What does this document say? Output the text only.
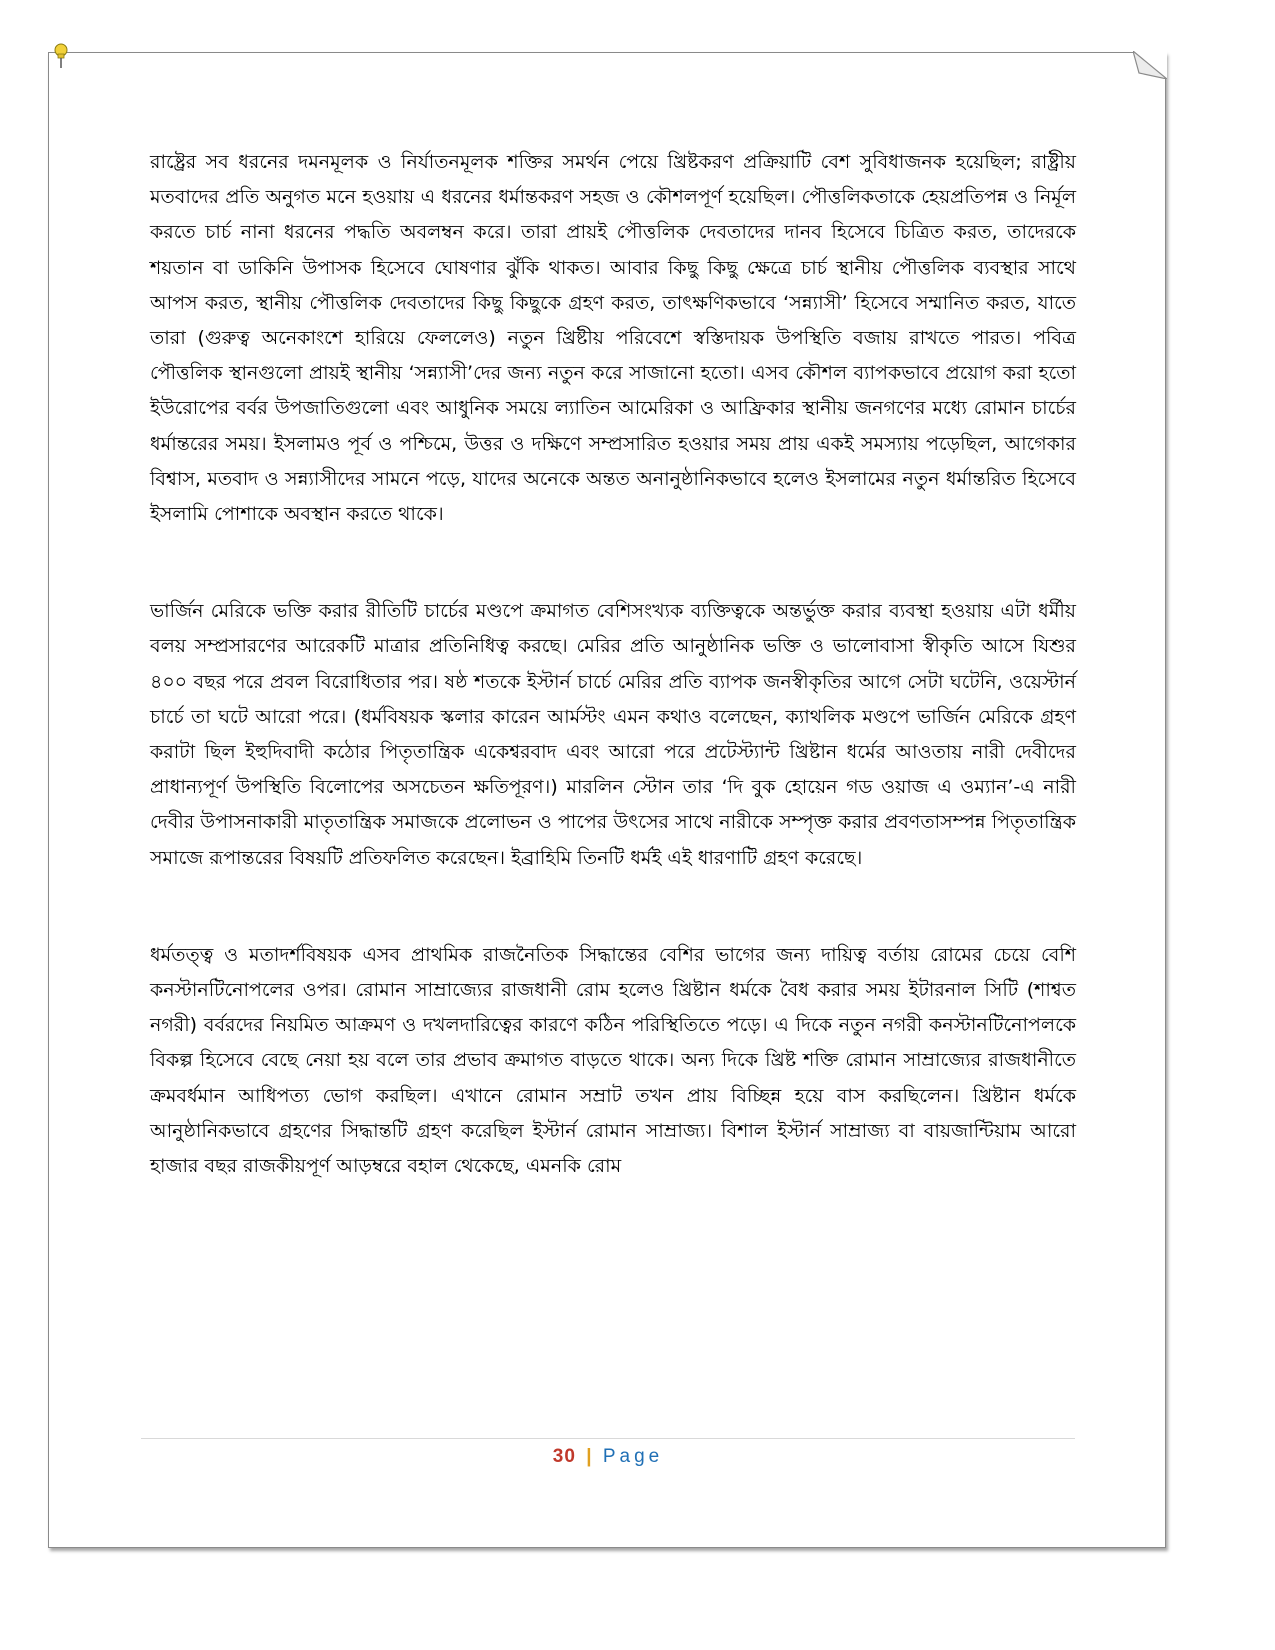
রাষ্ট্রের সব ধরনের দমনমূলক ও নির্যাতনমূলক শক্তির সমর্থন পেয়ে খ্রিষ্টকরণ প্রক্রিয়াটি বেশ সুবিধাজনক হয়েছিল; রাষ্ট্রীয় মতবাদের প্রতি অনুগত মনে হওয়ায় এ ধরনের ধর্মান্তকরণ সহজ ও কৌশলপূর্ণ হয়েছিল। পৌত্তলিকতাকে হেয়প্রতিপন্ন ও নির্মূল করতে চার্চ নানা ধরনের পদ্ধতি অবলম্বন করে। তারা প্রায়ই পৌত্তলিক দেবতাদের দানব হিসেবে চিত্রিত করত, তাদেরকে শয়তান বা ডাকিনি উপাসক হিসেবে ঘোষণার ঝুঁকি থাকত। আবার কিছু কিছু ক্ষেত্রে চার্চ স্থানীয় পৌত্তলিক ব্যবস্থার সাথে আপস করত, স্থানীয় পৌত্তলিক দেবতাদের কিছু কিছুকে গ্রহণ করত, তাৎক্ষণিকভাবে ‘সন্ন্যাসী’ হিসেবে সম্মানিত করত, যাতে তারা (গুরুত্ব অনেকাংশে হারিয়ে ফেললেও) নতুন খ্রিষ্টীয় পরিবেশে স্বস্তিদায়ক উপস্থিতি বজায় রাখতে পারত। পবিত্র পৌত্তলিক স্থানগুলো প্রায়ই স্থানীয় ‘সন্ন্যাসী’দের জন্য নতুন করে সাজানো হতো। এসব কৌশল ব্যাপকভাবে প্রয়োগ করা হতো ইউরোপের বর্বর উপজাতিগুলো এবং আধুনিক সময়ে ল্যাতিন আমেরিকা ও আফ্রিকার স্থানীয় জনগণের মধ্যে রোমান চার্চের ধর্মান্তরের সময়। ইসলামও পূর্ব ও পশ্চিমে, উত্তর ও দক্ষিণে সম্প্রসারিত হওয়ার সময় প্রায় একই সমস্যায় পড়েছিল, আগেকার বিশ্বাস, মতবাদ ও সন্ন্যাসীদের সামনে পড়ে, যাদের অনেকে অন্তত অনানুষ্ঠানিকভাবে হলেও ইসলামের নতুন ধর্মান্তরিত হিসেবে ইসলামি পোশাকে অবস্থান করতে থাকে।

ভার্জিন মেরিকে ভক্তি করার রীতিটি চার্চের মণ্ডপে ক্রমাগত বেশিসংখ্যক ব্যক্তিত্বকে অন্তর্ভুক্ত করার ব্যবস্থা হওয়ায় এটা ধর্মীয় বলয় সম্প্রসারণের আরেকটি মাত্রার প্রতিনিধিত্ব করছে। মেরির প্রতি আনুষ্ঠানিক ভক্তি ও ভালোবাসা স্বীকৃতি আসে যিশুর ৪০০ বছর পরে প্রবল বিরোধিতার পর। ষষ্ঠ শতকে ইস্টার্ন চার্চে মেরির প্রতি ব্যাপক জনস্বীকৃতির আগে সেটা ঘটেনি, ওয়েস্টার্ন চার্চে তা ঘটে আরো পরে। (ধর্মবিষয়ক স্কলার কারেন আর্মস্টং এমন কথাও বলেছেন, ক্যাথলিক মণ্ডপে ভার্জিন মেরিকে গ্রহণ করাটা ছিল ইহুদিবাদী কঠোর পিতৃতান্ত্রিক একেশ্বরবাদ এবং আরো পরে প্রটেস্ট্যান্ট খ্রিষ্টান ধর্মের আওতায় নারী দেবীদের প্রাধান্যপূর্ণ উপস্থিতি বিলোপের অসচেতন ক্ষতিপূরণ।) মারলিন স্টোন তার ‘দি বুক হোয়েন গড ওয়াজ এ ওম্যান’-এ নারী দেবীর উপাসনাকারী মাতৃতান্ত্রিক সমাজকে প্রলোভন ও পাপের উৎসের সাথে নারীকে সম্পৃক্ত করার প্রবণতাসম্পন্ন পিতৃতান্ত্রিক সমাজে রূপান্তরের বিষয়টি প্রতিফলিত করেছেন। ইব্রাহিমি তিনটি ধর্মই এই ধারণাটি গ্রহণ করেছে।

ধর্মতত্ত্ব ও মতাদর্শবিষয়ক এসব প্রাথমিক রাজনৈতিক সিদ্ধান্তের বেশির ভাগের জন্য দায়িত্ব বর্তায় রোমের চেয়ে বেশি কনস্টানটিনোপলের ওপর। রোমান সাম্রাজ্যের রাজধানী রোম হলেও খ্রিষ্টান ধর্মকে বৈধ করার সময় ইটারনাল সিটি (শাশ্বত নগরী) বর্বরদের নিয়মিত আক্রমণ ও দখলদারিত্বের কারণে কঠিন পরিস্থিতিতে পড়ে। এ দিকে নতুন নগরী কনস্টানটিনোপলকে বিকল্প হিসেবে বেছে নেয়া হয় বলে তার প্রভাব ক্রমাগত বাড়তে থাকে। অন্য দিকে খ্রিষ্ট শক্তি রোমান সাম্রাজ্যের রাজধানীতে ক্রমবর্ধমান আধিপত্য ভোগ করছিল। এখানে রোমান সম্রাট তখন প্রায় বিচ্ছিন্ন হয়ে বাস করছিলেন। খ্রিষ্টান ধর্মকে আনুষ্ঠানিকভাবে গ্রহণের সিদ্ধান্তটি গ্রহণ করেছিল ইস্টার্ন রোমান সাম্রাজ্য। বিশাল ইস্টার্ন সাম্রাজ্য বা বায়জান্টিয়াম আরো হাজার বছর রাজকীয়পূর্ণ আড়ম্বরে বহাল থেকেছে, এমনকি রোম

30 | Page
